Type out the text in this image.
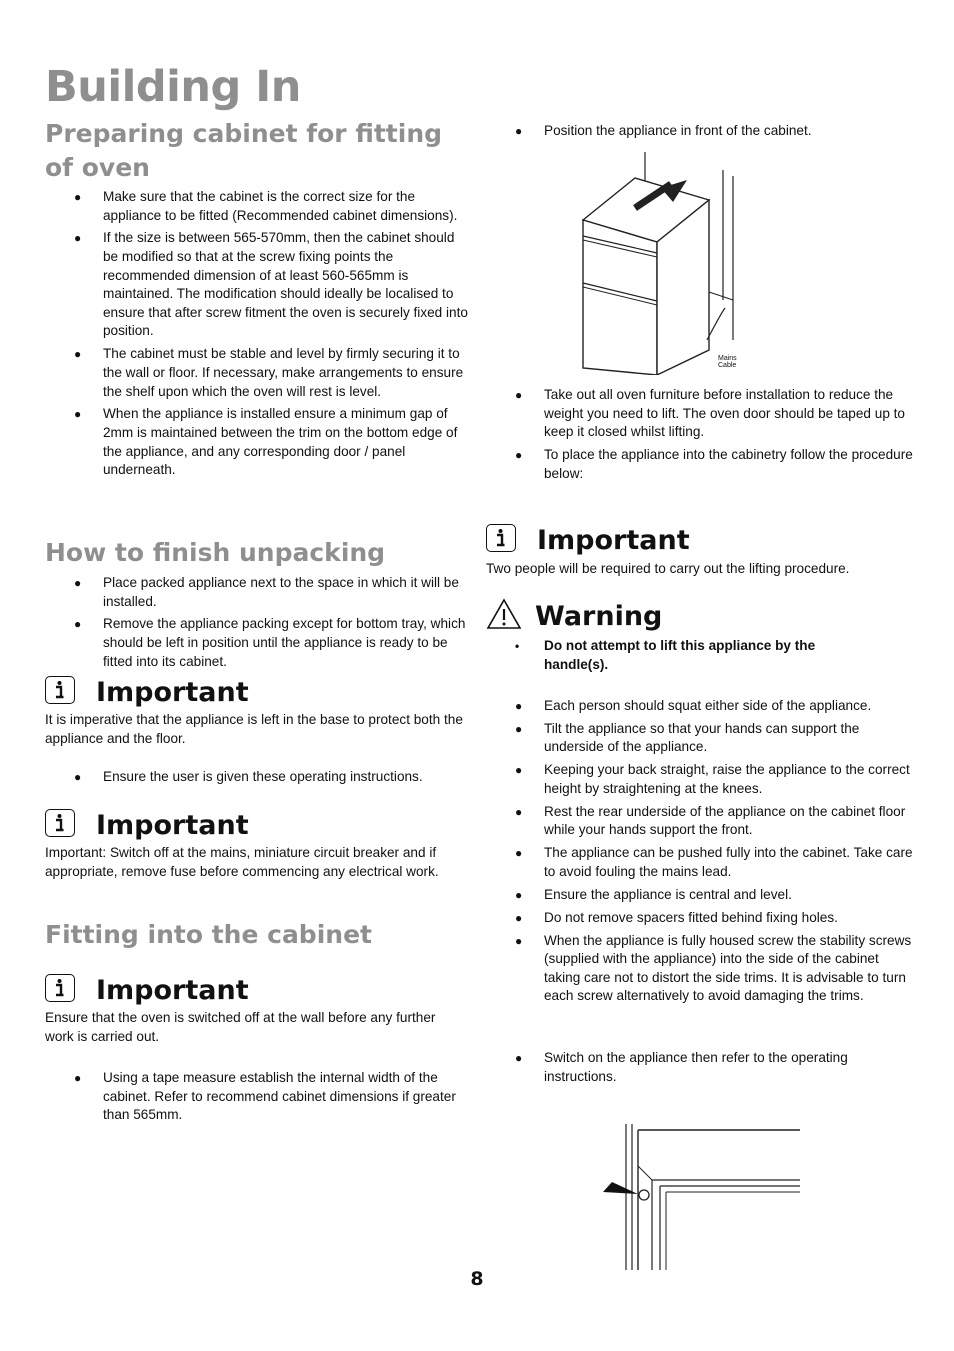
Building In
Preparing cabinet for fitting of oven
● Make sure that the cabinet is the correct size for the appliance to be fitted (Recommended cabinet dimensions).
● If the size is between 565-570mm, then the cabinet should be modified so that at the screw fixing points the recommended dimension of at least 560-565mm is maintained. The modification should ideally be localised to ensure that after screw fitment the oven is securely fixed into position.
● The cabinet must be stable and level by firmly securing it to the wall or floor. If necessary, make arrangements to ensure the shelf upon which the oven will rest is level.
● When the appliance is installed ensure a minimum gap of 2mm is maintained between the trim on the bottom edge of the appliance, and any corresponding door / panel underneath.
How to finish unpacking
● Place packed appliance next to the space in which it will be installed.
● Remove the appliance packing except for bottom tray, which should be left in position until the appliance is ready to be fitted into its cabinet.
Important
It is imperative that the appliance is left in the base to protect both the appliance and the floor.
● Ensure the user is given these operating instructions.
Important
Important: Switch off at the mains, miniature circuit breaker and if appropriate, remove fuse before commencing any electrical work.
Fitting into the cabinet
Important
Ensure that the oven is switched off at the wall before any further work is carried out.
● Using a tape measure establish the internal width of the cabinet. Refer to recommend cabinet dimensions if greater than 565mm.
● Position the appliance in front of the cabinet.
Mains Cable
● Take out all oven furniture before installation to reduce the weight you need to lift. The oven door should be taped up to keep it closed whilst lifting.
● To place the appliance into the cabinetry follow the procedure below:
Important
Two people will be required to carry out the lifting procedure.
Warning
• Do not attempt to lift this appliance by the handle(s).
● Each person should squat either side of the appliance.
● Tilt the appliance so that your hands can support the underside of the appliance.
● Keeping your back straight, raise the appliance to the correct height by straightening at the knees.
● Rest the rear underside of the appliance on the cabinet floor while your hands support the front.
● The appliance can be pushed fully into the cabinet. Take care to avoid fouling the mains lead.
● Ensure the appliance is central and level.
● Do not remove spacers fitted behind fixing holes.
● When the appliance is fully housed screw the stability screws (supplied with the appliance) into the side of the cabinet taking care not to distort the side trims. It is advisable to turn each screw alternatively to avoid damaging the trims.
● Switch on the appliance then refer to the operating instructions.
8
